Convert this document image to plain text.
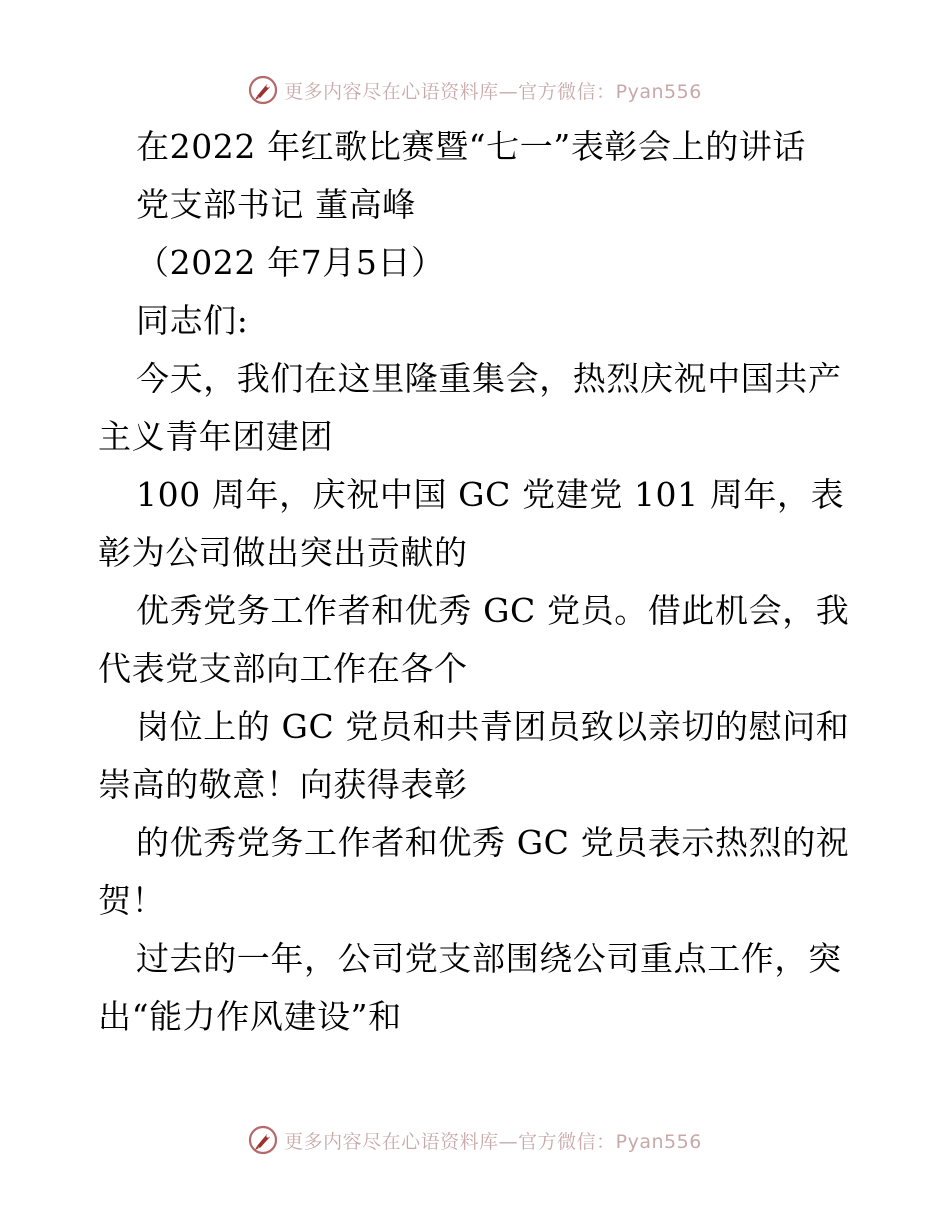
更多内容尽在心语资料库—官方微信：Pyan556
在2022 年红歌比赛暨“七一”表彰会上的讲话
党支部书记 董高峰
（2022 年7月5日）
同志们:
今天，我们在这里隆重集会，热烈庆祝中国共产
主义青年团建团
100 周年，庆祝中国 GC 党建党 101 周年，表
彰为公司做出突出贡献的
优秀党务工作者和优秀 GC 党员。借此机会，我
代表党支部向工作在各个
岗位上的 GC 党员和共青团员致以亲切的慰问和
崇高的敬意！向获得表彰
的优秀党务工作者和优秀 GC 党员表示热烈的祝
贺！
过去的一年，公司党支部围绕公司重点工作，突
出“能力作风建设”和
更多内容尽在心语资料库—官方微信：Pyan556
